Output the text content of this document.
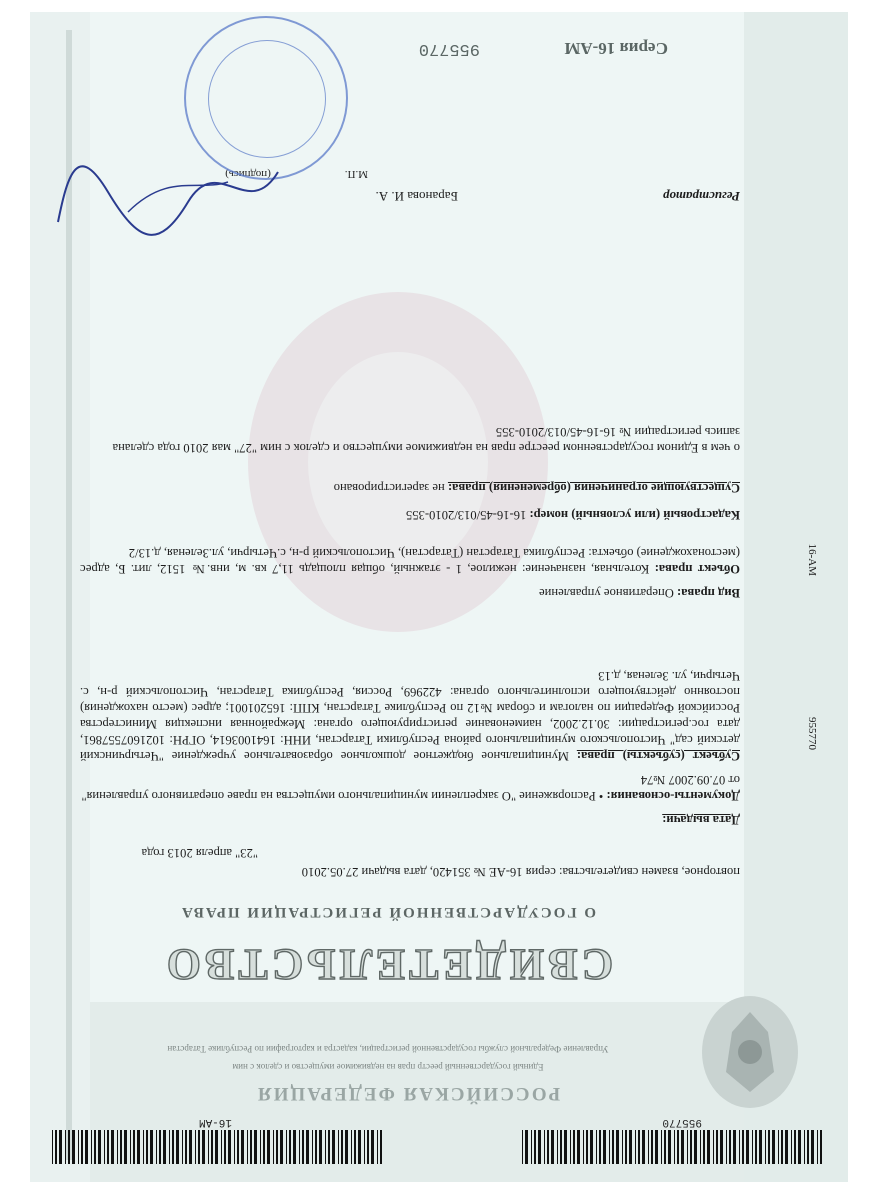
955770
16-АМ
РОССИЙСКАЯ ФЕДЕРАЦИЯ
Единый государственный реестр прав на недвижимое имущество и сделок с ним
Управление Федеральной службы государственной регистрации, кадастра и картографии по Республике Татарстан
СВИДЕТЕЛЬСТВО
О ГОСУДАРСТВЕННОЙ РЕГИСТРАЦИИ ПРАВА
повторное, взамен свидетельства: серия 16-АЕ № 351420, дата выдачи 27.05.2010
Дата выдачи:
"23" апреля 2013 года
Документы-основания: • Распоряжение "О закреплении муниципального имущества на праве оперативного управления" от 07.09.2007 №74
Субъект (субъекты) права: Муниципальное бюджетное дошкольное образовательное учреждение "Четырчинский детский сад" Чистопольского муниципального района Республики Татарстан, ИНН: 1641003614, ОГРН: 1021607557861, дата гос.регистрации: 30.12.2002, наименование регистрирующего органа: Межрайонная инспекция Министерства Российской Федерации по налогам и сборам №12 по Республике Татарстан, КПП: 165201001; адрес (место нахождения) постоянно действующего исполнительного органа: 422969, Россия, Республика Татарстан, Чистопольский р-н, с. Четырчи, ул. Зеленая, д.13
Вид права: Оперативное управление
Объект права: Котельная, назначение: нежилое, 1 - этажный, общая площадь 11,7 кв. м, инв.№ 1512, лит. Б, адрес (местонахождение) объекта: Республика Татарстан (Татарстан), Чистопольский р-н, с.Четырчи, ул.Зеленая, д.13/2
Кадастровый (или условный) номер: 16-16-45/013/2010-355
Существующие ограничения (обременения) права: не зарегистрировано
о чем в Едином государственном реестре прав на недвижимое имущество и сделок с ним "27" мая 2010 года сделана запись регистрации № 16-16-45/013/2010-355
16-АМ
955770
Регистратор
Баранова И. А.
М.П.
(подпись)
Серия 16-АМ
955770
